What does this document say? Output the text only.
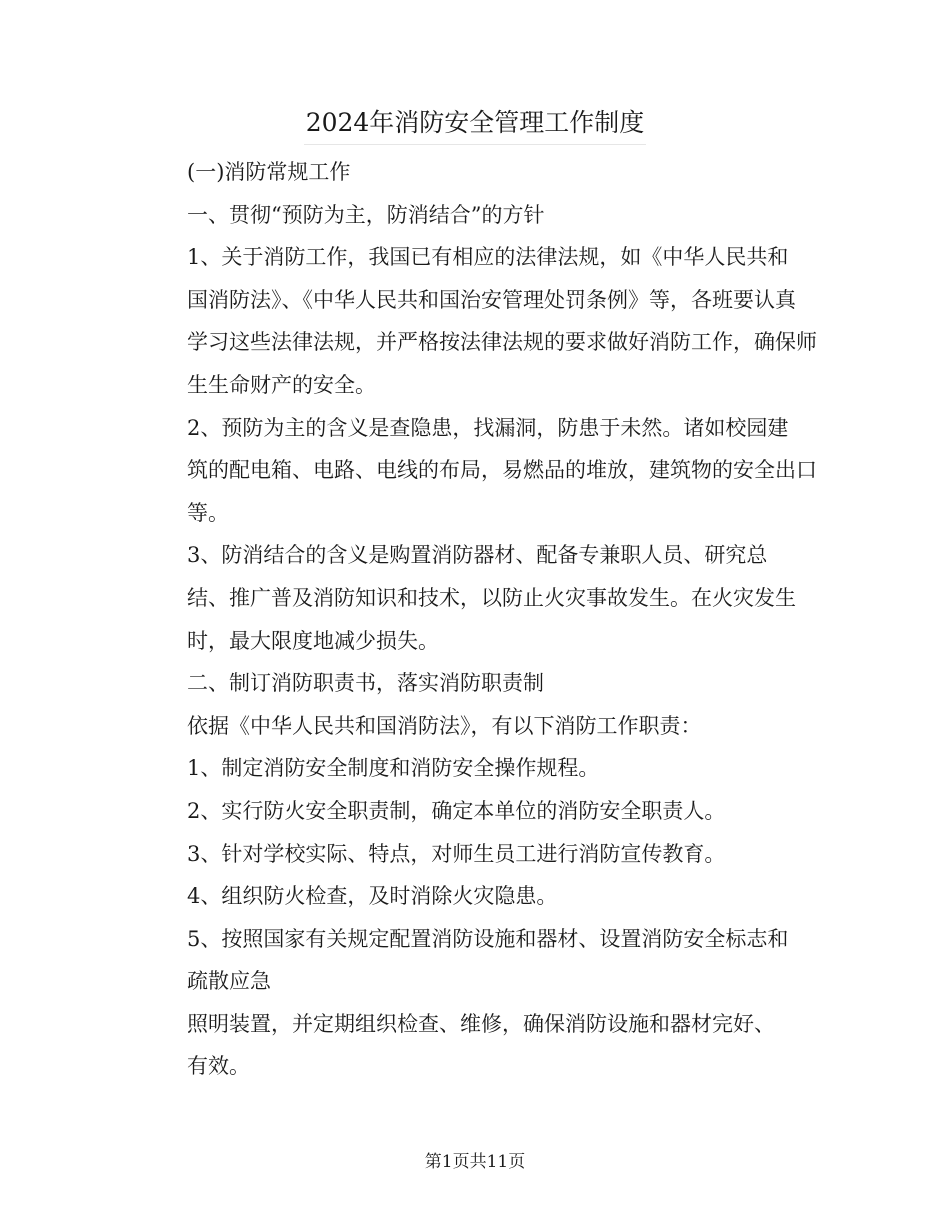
2024年消防安全管理工作制度

(一)消防常规工作

一、贯彻“预防为主，防消结合”的方针

1、关于消防工作，我国已有相应的法律法规，如《中华人民共和
国消防法》、《中华人民共和国治安管理处罚条例》等，各班要认真
学习这些法律法规，并严格按法律法规的要求做好消防工作，确保师
生生命财产的安全。

2、预防为主的含义是查隐患，找漏洞，防患于未然。诸如校园建
筑的配电箱、电路、电线的布局，易燃品的堆放，建筑物的安全出口
等。

3、防消结合的含义是购置消防器材、配备专兼职人员、研究总
结、推广普及消防知识和技术，以防止火灾事故发生。在火灾发生
时，最大限度地减少损失。

二、制订消防职责书，落实消防职责制

依据《中华人民共和国消防法》，有以下消防工作职责：

1、制定消防安全制度和消防安全操作规程。

2、实行防火安全职责制，确定本单位的消防安全职责人。

3、针对学校实际、特点，对师生员工进行消防宣传教育。

4、组织防火检查，及时消除火灾隐患。

5、按照国家有关规定配置消防设施和器材、设置消防安全标志和
疏散应急

照明装置，并定期组织检查、维修，确保消防设施和器材完好、
有效。

第1页共11页
